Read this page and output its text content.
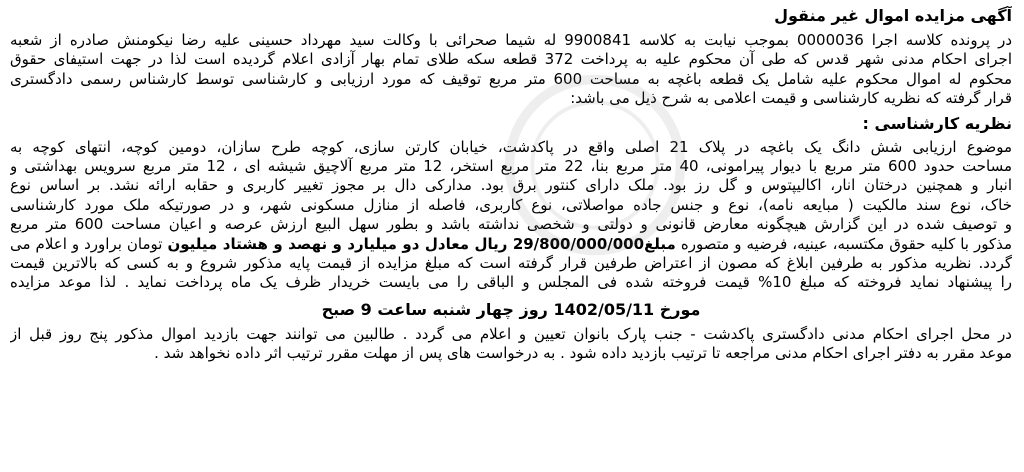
آگهی مزایده اموال غیر منقول
در پرونده کلاسه اجرا 0000036 بموجب نیابت به کلاسه 9900841 له شیما صحرائی با وکالت سید مهرداد حسینی علیه رضا نیکومنش صادره از شعبه
اجرای احکام مدنی شهر قدس که طی آن محکوم علیه به پرداخت 372 قطعه سکه طلای تمام بهار آزادی اعلام گردیده است لذا در جهت استیفای حقوق
محکوم له اموال محکوم علیه شامل یک قطعه باغچه به مساحت 600 متر مربع توقیف که مورد ارزیابی و کارشناسی توسط کارشناس رسمی دادگستری
قرار گرفته که نظریه کارشناسی و قیمت اعلامی به شرح ذیل می باشد:
نظریه کارشناسی :
موضوع ارزیابی شش دانگ یک باغچه در پلاک 21 اصلی واقع در پاکدشت، خیابان کارتن سازی، کوچه طرح سازان، دومین کوچه، انتهای کوچه به
مساحت حدود 600 متر مربع با دیوار پیرامونی، 40 متر مربع بنا، 22 متر مربع استخر، 12 متر مربع آلاچیق شیشه ای ، 12 متر مربع سرویس بهداشتی و
انبار و همچنین درختان انار، اکالیپتوس و گل رز بود. ملک دارای کنتور برق بود. مدارکی دال بر مجوز تغییر کاربری و حقابه ارائه نشد. بر اساس نوع
خاک، نوع سند مالکیت ( مبایعه نامه)، نوع و جنس جاده مواصلاتی، نوع کاربری، فاصله از منازل مسکونی شهر، و در صورتیکه ملک مورد کارشناسی
و توصیف شده در این گزارش هیچگونه معارض قانونی و دولتی و شخصی نداشته باشد و بطور سهل البیع ارزش عرصه و اعیان مساحت 600 متر مربع
مذکور با کلیه حقوق مکتسبه، عینیه، فرضیه و متصوره مبلغ29/800/000/000 ریال معادل دو میلیارد و نهصد و هشتاد میلیون تومان براورد و اعلام می
گردد. نظریه مذکور به طرفین ابلاغ که مصون از اعتراض طرفین قرار گرفته است که مبلغ مزایده از قیمت پایه مذکور شروع و به کسی که بالاترین قیمت
را پیشنهاد نماید فروخته که مبلغ 10% قیمت فروخته شده فی المجلس و الباقی را می بایست خریدار ظرف یک ماه پرداخت نماید . لذا موعد مزایده
مورخ 1402/05/11 روز چهار شنبه ساعت 9 صبح
در محل اجرای احکام مدنی دادگستری پاکدشت - جنب پارک بانوان تعیین و اعلام می گردد . طالبین می توانند جهت بازدید اموال مذکور پنج روز قبل از
موعد مقرر به دفتر اجرای احکام مدنی مراجعه تا ترتیب بازدید داده شود . به درخواست های پس از مهلت مقرر ترتیب اثر داده نخواهد شد .
